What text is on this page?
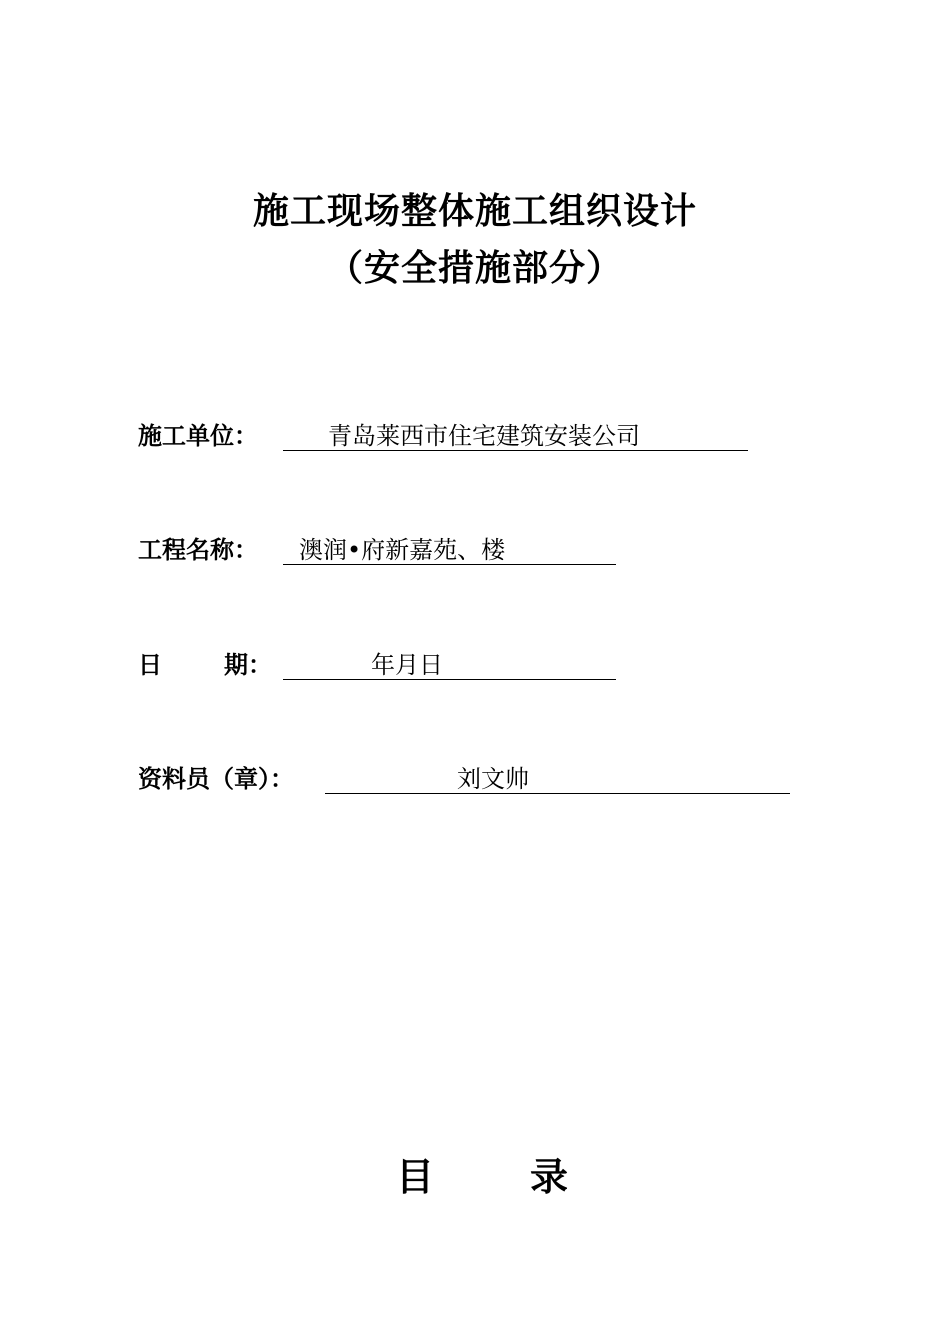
施工现场整体施工组织设计
（安全措施部分）
施工单位：	青岛莱西市住宅建筑安装公司
工程名称： 澳润•府新嘉苑、楼
日	期：	年月日
资料员（章）：	刘文帅
目	录
